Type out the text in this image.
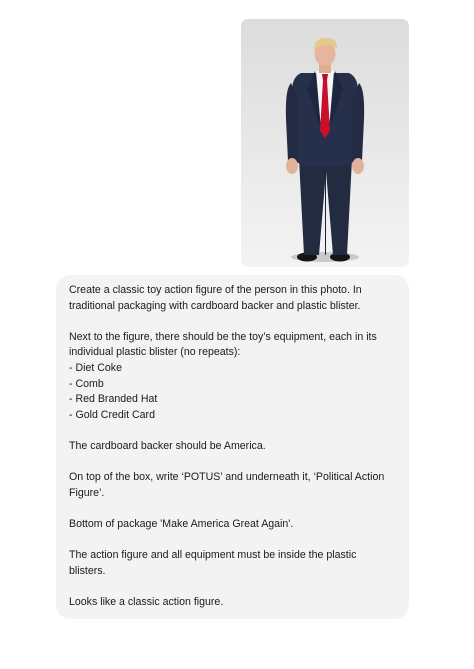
Create a classic toy action figure of the person in this photo. In traditional packaging with cardboard backer and plastic blister.

Next to the figure, there should be the toy’s equipment, each in its individual plastic blister (no repeats):
- Diet Coke
- Comb
- Red Branded Hat
- Gold Credit Card

The cardboard backer should be America.

On top of the box, write ‘POTUS’ and underneath it, ‘Political Action Figure’.

Bottom of package 'Make America Great Again'.

The action figure and all equipment must be inside the plastic blisters.

Looks like a classic action figure.
